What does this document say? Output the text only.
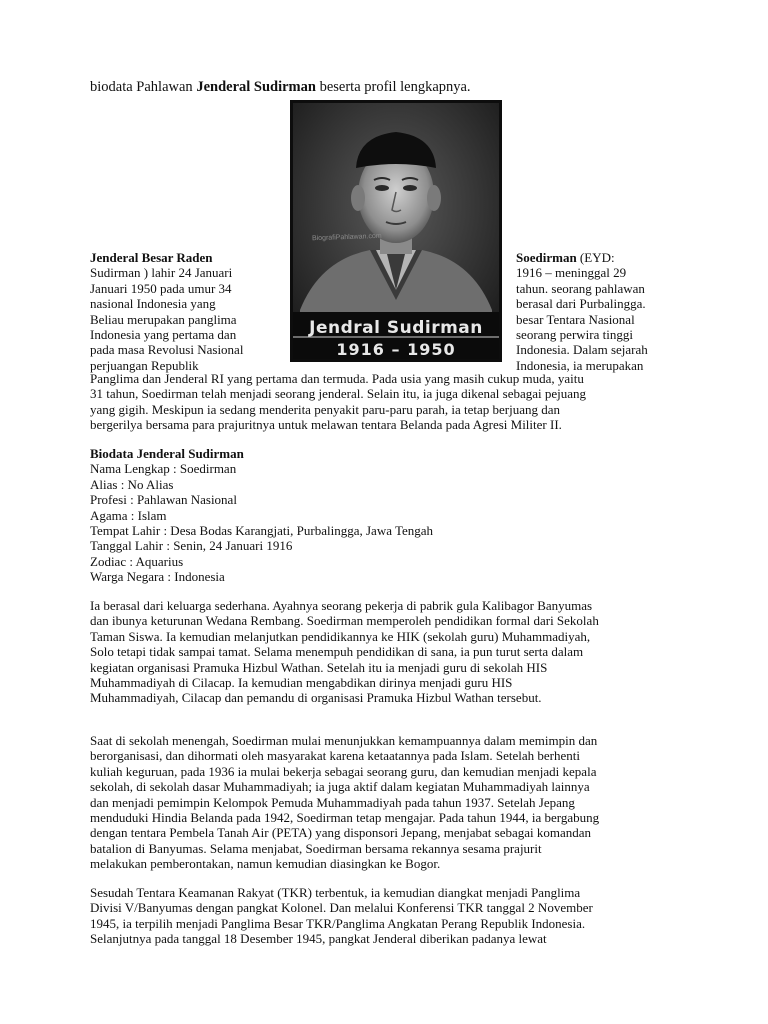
biodata Pahlawan Jenderal Sudirman beserta profil lengkapnya.
BiografiPahlawan.com
Jendral Sudirman
1916 – 1950
Jenderal Besar Raden
Sudirman ) lahir 24 Januari
Januari 1950 pada umur 34
nasional Indonesia yang
Beliau merupakan panglima
Indonesia yang pertama dan
pada masa Revolusi Nasional
perjuangan Republik
Soedirman (EYD:
1916 – meninggal 29
tahun. seorang pahlawan
berasal dari Purbalingga.
besar Tentara Nasional
seorang perwira tinggi
Indonesia. Dalam sejarah
Indonesia, ia merupakan
Panglima dan Jenderal RI yang pertama dan termuda. Pada usia yang masih cukup muda, yaitu
31 tahun, Soedirman telah menjadi seorang jenderal. Selain itu, ia juga dikenal sebagai pejuang
yang gigih. Meskipun ia sedang menderita penyakit paru-paru parah, ia tetap berjuang dan
bergerilya bersama para prajuritnya untuk melawan tentara Belanda pada Agresi Militer II.
Biodata Jenderal Sudirman
Nama Lengkap : Soedirman
Alias : No Alias
Profesi : Pahlawan Nasional
Agama : Islam
Tempat Lahir : Desa Bodas Karangjati, Purbalingga, Jawa Tengah
Tanggal Lahir : Senin, 24 Januari 1916
Zodiac : Aquarius
Warga Negara : Indonesia
Ia berasal dari keluarga sederhana. Ayahnya seorang pekerja di pabrik gula Kalibagor Banyumas
dan ibunya keturunan Wedana Rembang. Soedirman memperoleh pendidikan formal dari Sekolah
Taman Siswa. Ia kemudian melanjutkan pendidikannya ke HIK (sekolah guru) Muhammadiyah,
Solo tetapi tidak sampai tamat. Selama menempuh pendidikan di sana, ia pun turut serta dalam
kegiatan organisasi Pramuka Hizbul Wathan. Setelah itu ia menjadi guru di sekolah HIS
Muhammadiyah di Cilacap. Ia kemudian mengabdikan dirinya menjadi guru HIS
Muhammadiyah, Cilacap dan pemandu di organisasi Pramuka Hizbul Wathan tersebut.
Saat di sekolah menengah, Soedirman mulai menunjukkan kemampuannya dalam memimpin dan
berorganisasi, dan dihormati oleh masyarakat karena ketaatannya pada Islam. Setelah berhenti
kuliah keguruan, pada 1936 ia mulai bekerja sebagai seorang guru, dan kemudian menjadi kepala
sekolah, di sekolah dasar Muhammadiyah; ia juga aktif dalam kegiatan Muhammadiyah lainnya
dan menjadi pemimpin Kelompok Pemuda Muhammadiyah pada tahun 1937. Setelah Jepang
menduduki Hindia Belanda pada 1942, Soedirman tetap mengajar. Pada tahun 1944, ia bergabung
dengan tentara Pembela Tanah Air (PETA) yang disponsori Jepang, menjabat sebagai komandan
batalion di Banyumas. Selama menjabat, Soedirman bersama rekannya sesama prajurit
melakukan pemberontakan, namun kemudian diasingkan ke Bogor.
Sesudah Tentara Keamanan Rakyat (TKR) terbentuk, ia kemudian diangkat menjadi Panglima
Divisi V/Banyumas dengan pangkat Kolonel. Dan melalui Konferensi TKR tanggal 2 November
1945, ia terpilih menjadi Panglima Besar TKR/Panglima Angkatan Perang Republik Indonesia.
Selanjutnya pada tanggal 18 Desember 1945, pangkat Jenderal diberikan padanya lewat
